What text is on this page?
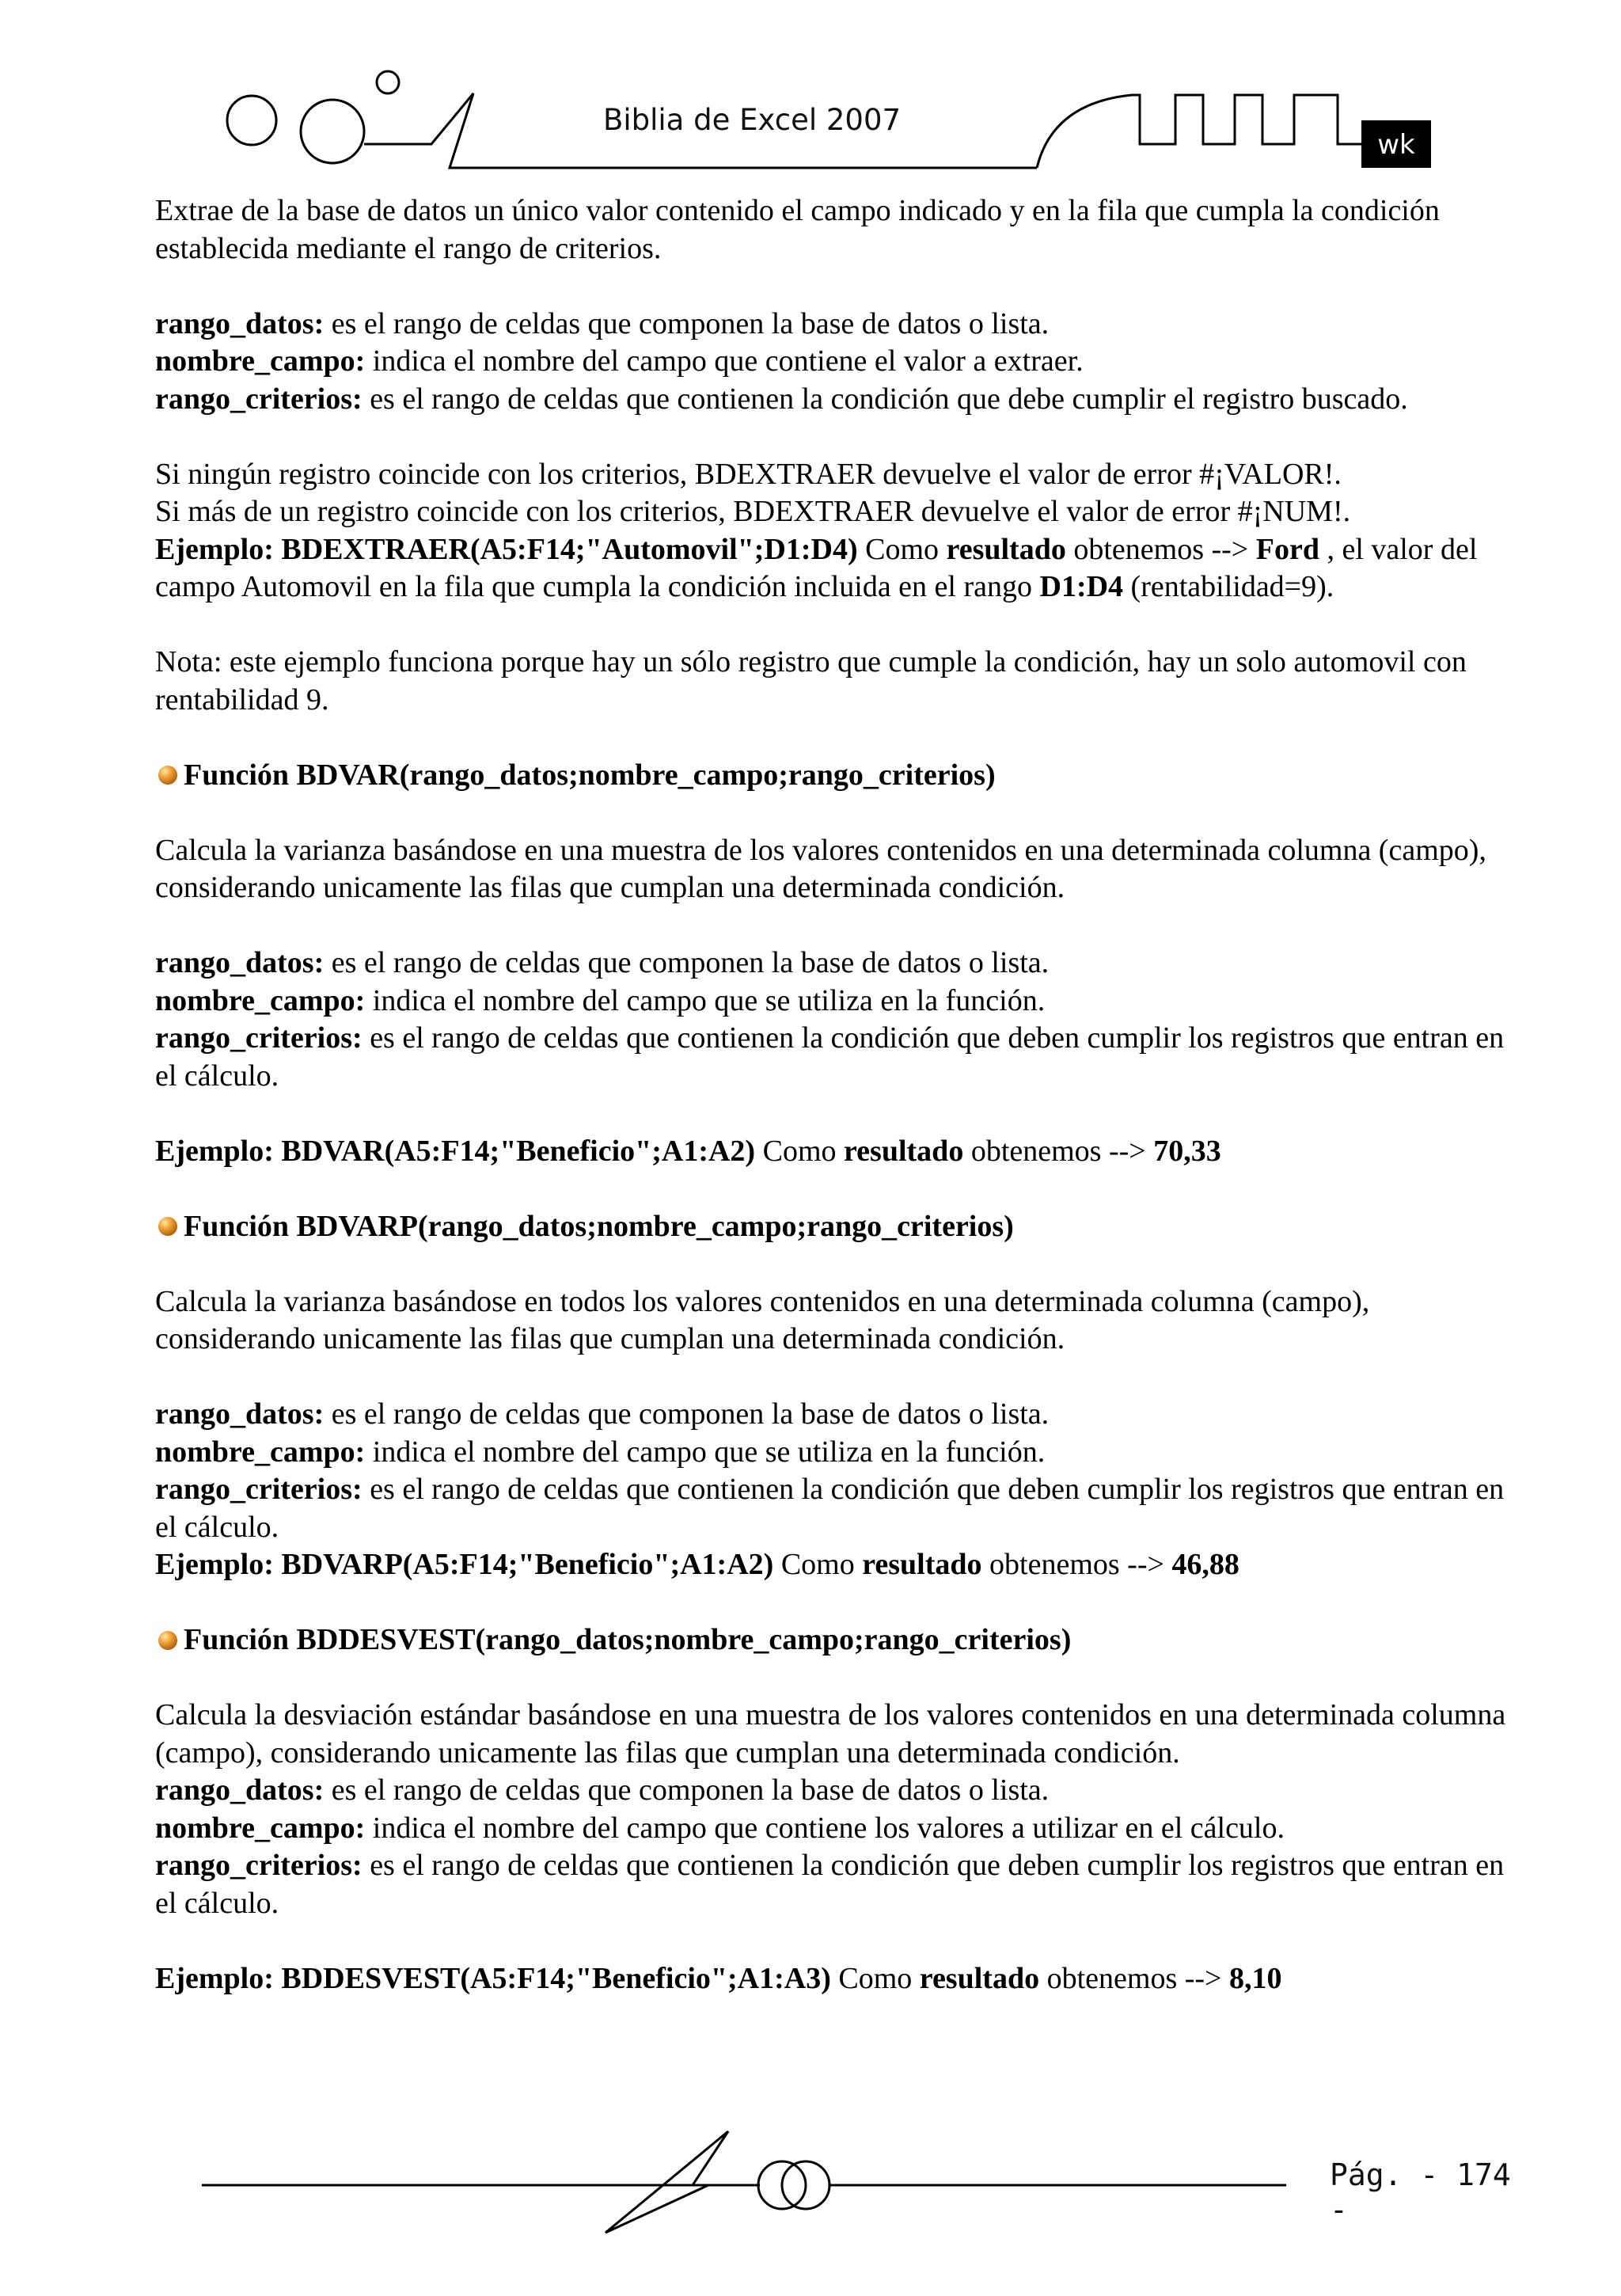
Biblia de Excel 2007
wk

Extrae de la base de datos un único valor contenido el campo indicado y en la fila que cumpla la condición establecida mediante el rango de criterios.

rango_datos: es el rango de celdas que componen la base de datos o lista.

nombre_campo: indica el nombre del campo que contiene el valor a extraer.

rango_criterios: es el rango de celdas que contienen la condición que debe cumplir el registro buscado.

Si ningún registro coincide con los criterios, BDEXTRAER devuelve el valor de error #¡VALOR!.

Si más de un registro coincide con los criterios, BDEXTRAER devuelve el valor de error #¡NUM!.

Ejemplo: BDEXTRAER(A5:F14;"Automovil";D1:D4) Como resultado obtenemos --> Ford , el valor del campo Automovil en la fila que cumpla la condición incluida en el rango D1:D4 (rentabilidad=9).

Nota: este ejemplo funciona porque hay un sólo registro que cumple la condición, hay un solo automovil con rentabilidad 9.

Función BDVAR(rango_datos;nombre_campo;rango_criterios)

Calcula la varianza basándose en una muestra de los valores contenidos en una determinada columna (campo), considerando unicamente las filas que cumplan una determinada condición.

rango_datos: es el rango de celdas que componen la base de datos o lista.

nombre_campo: indica el nombre del campo que se utiliza en la función.

rango_criterios: es el rango de celdas que contienen la condición que deben cumplir los registros que entran en el cálculo.

Ejemplo: BDVAR(A5:F14;"Beneficio";A1:A2) Como resultado obtenemos --> 70,33

Función BDVARP(rango_datos;nombre_campo;rango_criterios)

Calcula la varianza basándose en todos los valores contenidos en una determinada columna (campo), considerando unicamente las filas que cumplan una determinada condición.

rango_datos: es el rango de celdas que componen la base de datos o lista.

nombre_campo: indica el nombre del campo que se utiliza en la función.

rango_criterios: es el rango de celdas que contienen la condición que deben cumplir los registros que entran en el cálculo.

Ejemplo: BDVARP(A5:F14;"Beneficio";A1:A2) Como resultado obtenemos --> 46,88

Función BDDESVEST(rango_datos;nombre_campo;rango_criterios)

Calcula la desviación estándar basándose en una muestra de los valores contenidos en una determinada columna (campo), considerando unicamente las filas que cumplan una determinada condición.

rango_datos: es el rango de celdas que componen la base de datos o lista.

nombre_campo: indica el nombre del campo que contiene los valores a utilizar en el cálculo.

rango_criterios: es el rango de celdas que contienen la condición que deben cumplir los registros que entran en el cálculo.

Ejemplo: BDDESVEST(A5:F14;"Beneficio";A1:A3) Como resultado obtenemos --> 8,10

Pág. - 174 -
